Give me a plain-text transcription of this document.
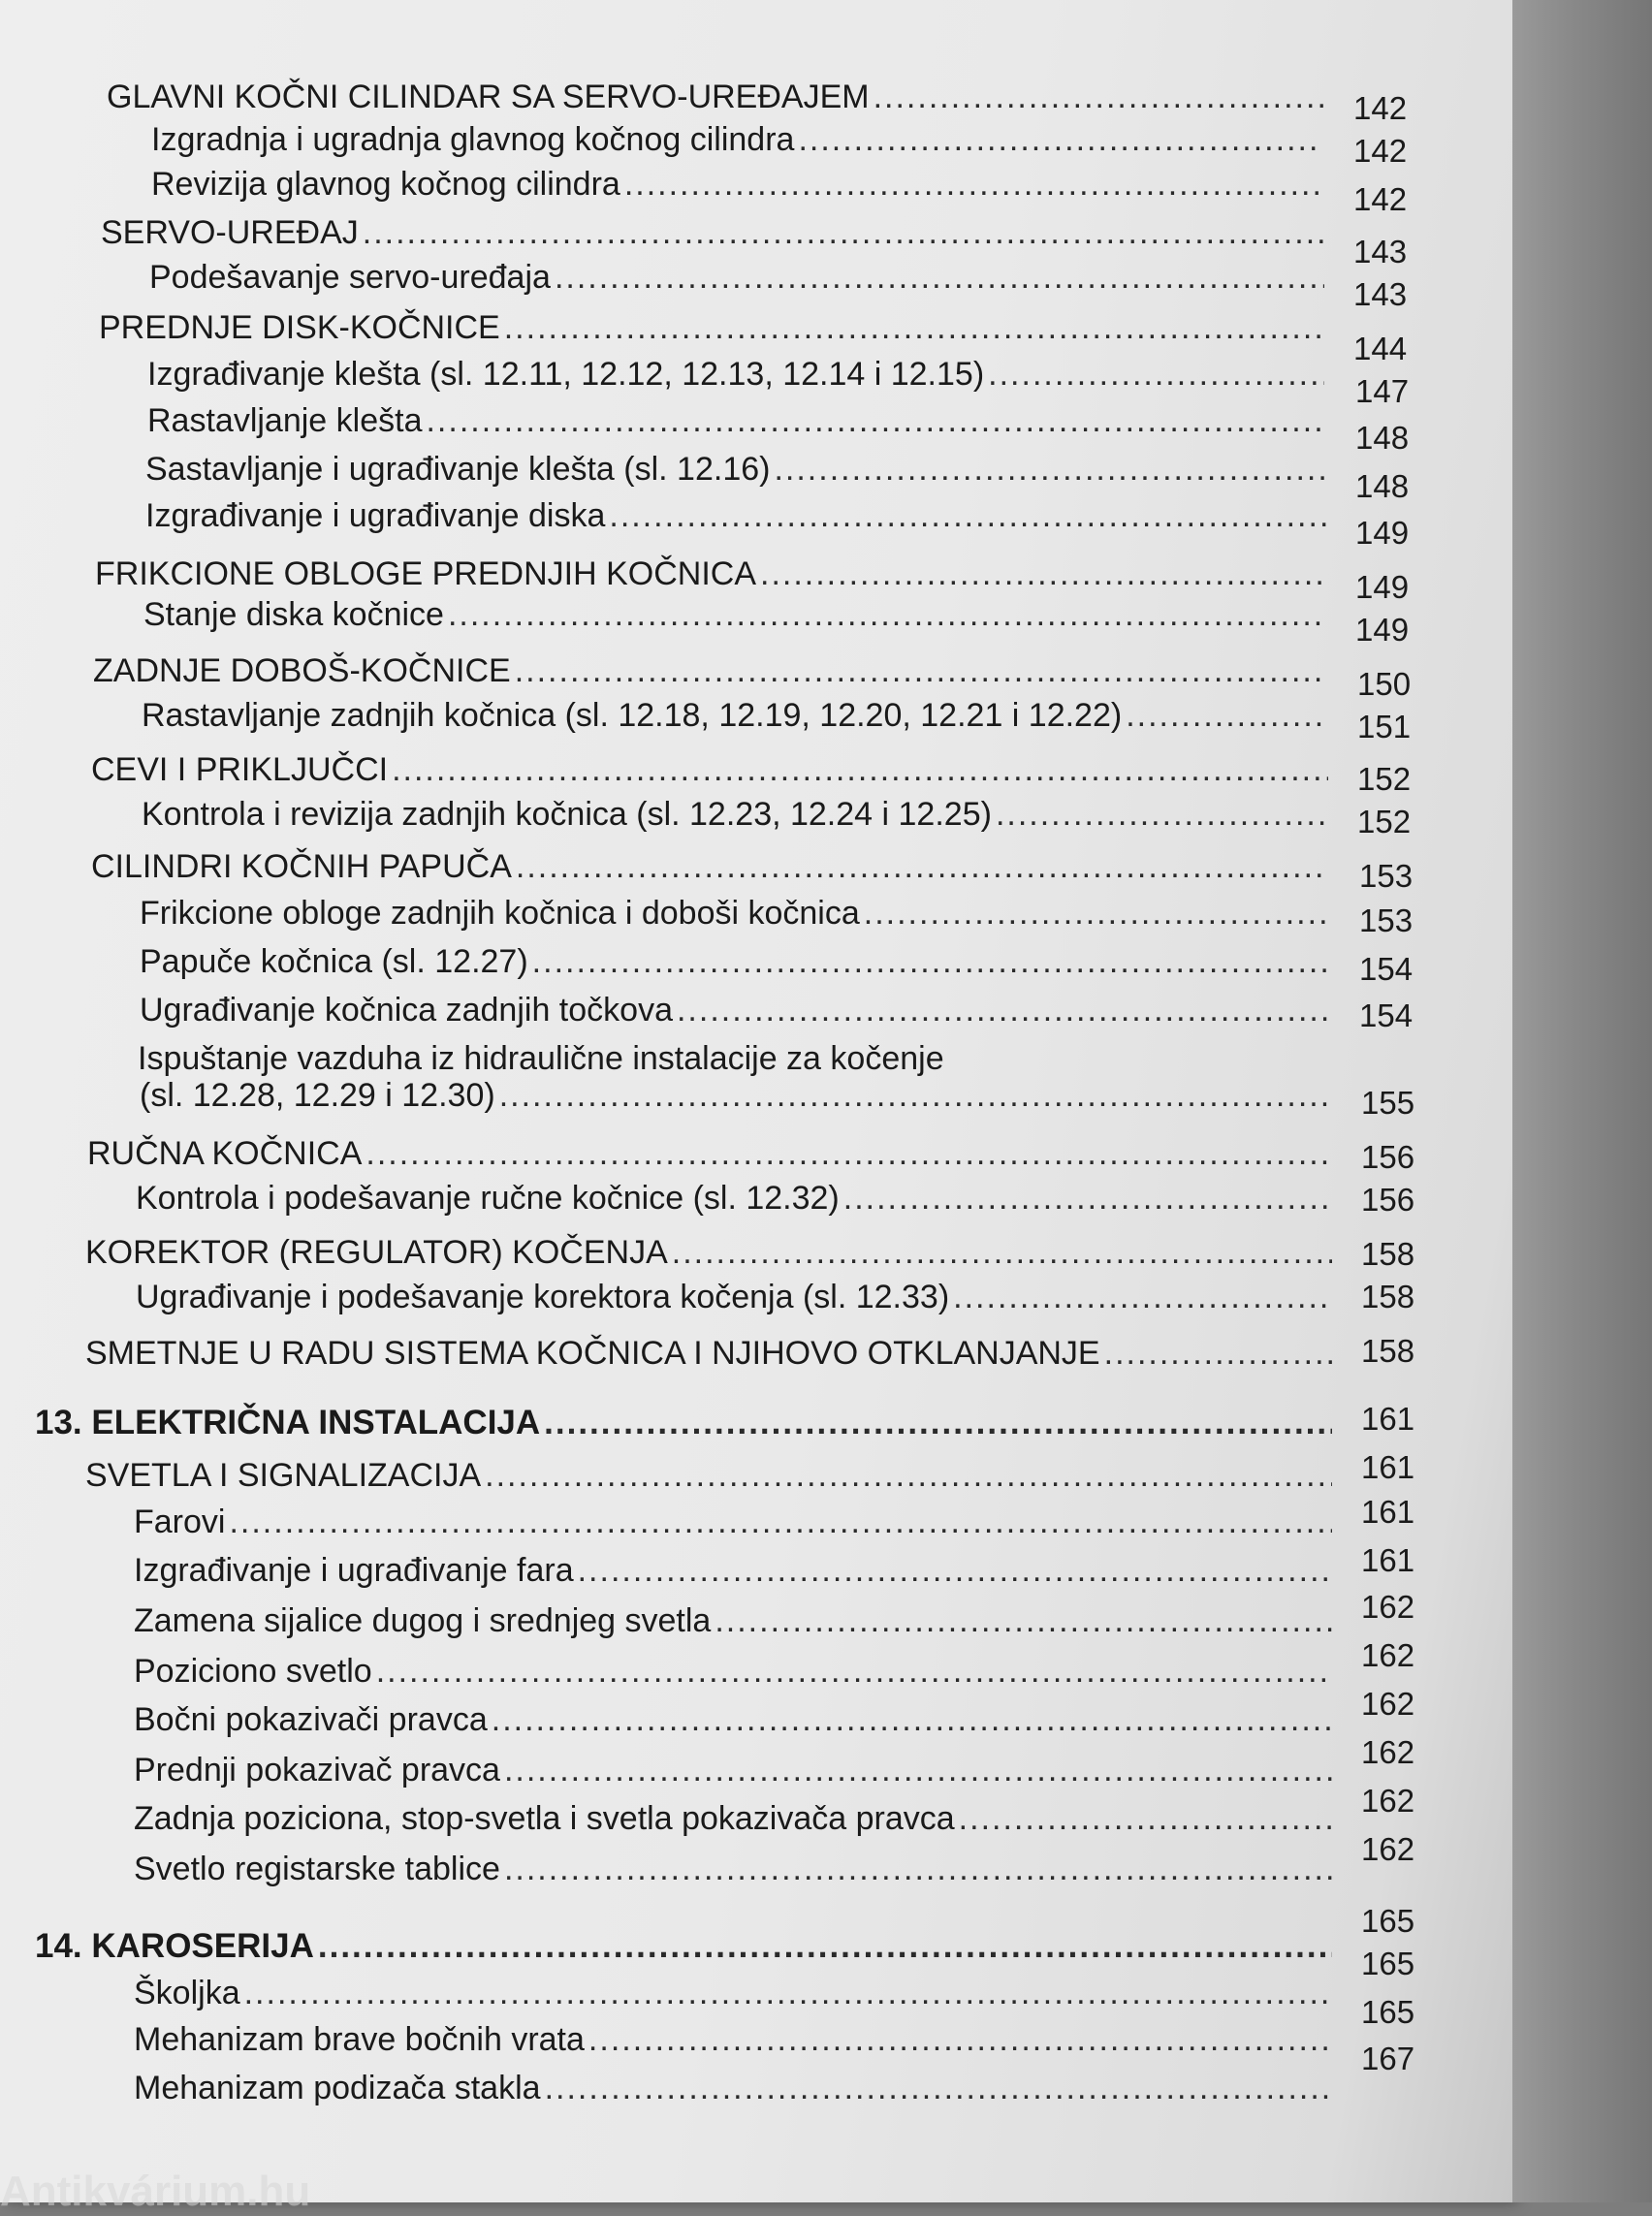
GLAVNI KOČNI CILINDAR SA SERVO-UREĐAJEM
.....
Izgradnja i ugradnja glavnog kočnog cilindra
.....
Revizija glavnog kočnog cilindra
.....
SERVO-UREĐAJ
.....
Podešavanje servo-uređaja
.....
PREDNJE DISK-KOČNICE
.....
Izgrađivanje klešta (sl. 12.11, 12.12, 12.13, 12.14 i 12.15)
.....
Rastavljanje klešta
.....
Sastavljanje i ugrađivanje klešta (sl. 12.16)
.....
Izgrađivanje i ugrađivanje diska
.....
FRIKCIONE OBLOGE PREDNJIH KOČNICA
.....
Stanje diska kočnice
.....
ZADNJE DOBOŠ-KOČNICE
.....
Rastavljanje zadnjih kočnica (sl. 12.18, 12.19, 12.20, 12.21 i 12.22)
.....
CEVI I PRIKLJUČCI
.....
Kontrola i revizija zadnjih kočnica (sl. 12.23, 12.24 i 12.25)
.....
CILINDRI KOČNIH PAPUČA
.....
Frikcione obloge zadnjih kočnica i doboši kočnica
.....
Papuče kočnica (sl. 12.27)
.....
Ugrađivanje kočnica zadnjih točkova
.....
Ispuštanje vazduha iz hidraulične instalacije za kočenje
(sl. 12.28, 12.29 i 12.30)
.....
RUČNA KOČNICA
.....
Kontrola i podešavanje ručne kočnice (sl. 12.32)
.....
KOREKTOR (REGULATOR) KOČENJA
.....
Ugrađivanje i podešavanje korektora kočenja (sl. 12.33)
.....
SMETNJE U RADU SISTEMA KOČNICA I NJIHOVO OTKLANJANJE
.....
13. ELEKTRIČNA INSTALACIJA
.....
SVETLA I SIGNALIZACIJA
.....
Farovi
.....
Izgrađivanje i ugrađivanje fara
.....
Zamena sijalice dugog i srednjeg svetla
.....
Poziciono svetlo
.....
Bočni pokazivači pravca
.....
Prednji pokazivač pravca
.....
Zadnja poziciona, stop-svetla i svetla pokazivača pravca
.....
Svetlo registarske tablice
.....
14. KAROSERIJA
.....
Školjka
.....
Mehanizam brave bočnih vrata
.....
Mehanizam podizača stakla
.....
142
142
142
143
143
144
147
148
148
149
149
149
150
151
152
152
153
153
154
154
155
156
156
158
158
158
161
161
161
161
162
162
162
162
162
162
165
165
165
167
Antikvárium.hu
